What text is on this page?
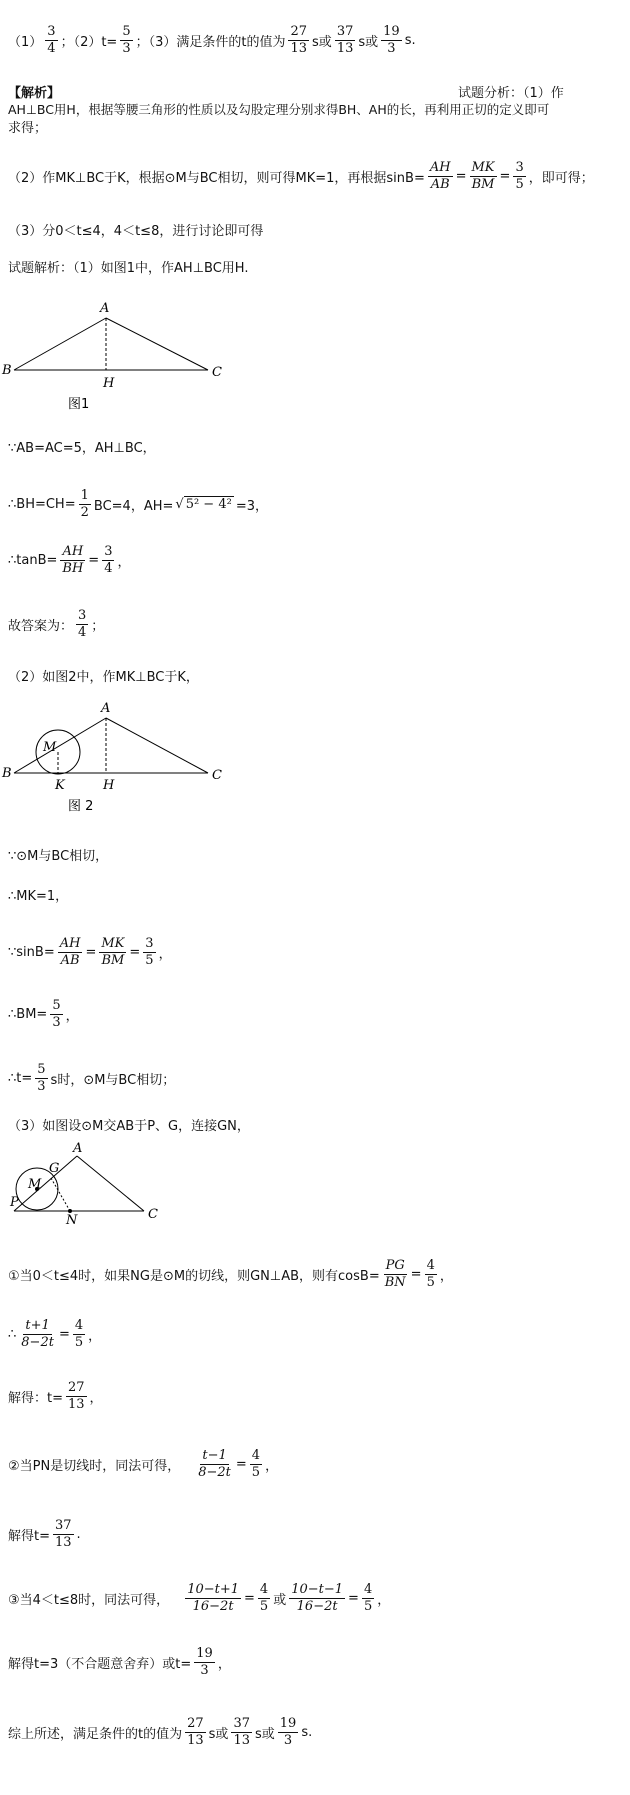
$(1) \frac{3}{4}$ ；$(2)t= \frac{5}{3}$ ；（3）满足条件的t的值为 $\frac{27}{13}$ s或 $\frac{37}{13}$ s或 $\frac{19}{3} s$.
【解析】	试题分析：（1）作
AH⊥BC用H，根据等腰三角形的性质以及勾股定理分别求得BH、AH的长，再利用正切的定义即可
求得；
（2）作MK⊥BC于K，根据⊙M与BC相切，则可得MK=1，再根据$\sin B= \frac{AH}{AB} = \frac{MK}{BM} = \frac{3}{5}$ ，即可得；
（3）分0＜t≤4，4＜t≤8，进行讨论即可得
试题解析：（1）如图1中，作AH⊥BC用H.
A
B	C
H
图1
∵AB=AC=5，AH⊥BC，
∴BH=CH= $\frac{1}{2} BC=4$，AH= √ 5² − 4² =3，
∴tanB= $\frac{AH}{BH} = \frac{3}{4}$ ，
故答案为： $\frac{3}{4}$ ；
（2）如图2中，作MK⊥BC于K，
A
B	C
H
K
M
图 2
∵⊙M与BC相切，
∴MK=1，
∵sinB= $\frac{AH}{AB} = \frac{MK}{BM} = \frac{3}{5}$ ，
∴BM= $\frac{5}{3}$ ，
∴t= $\frac{5}{3}$ s时，⊙M与BC相切；
（3）如图设⊙M交AB于P、G，连接GN，
A
C
G
M
P
N
①当0＜t≤4时，如果NG是⊙M的切线，则GN⊥AB，则有$\cos B= \frac{PG}{BN} = \frac{4}{5}$ ，
∴ $\frac{t+1}{8-2t} = \frac{4}{5}$ ，
解得：$t= \frac{27}{13}$ ，
②当PN是切线时，同法可得， $\frac{t-1}{8-2t} = \frac{4}{5}$ ，
解得$t= \frac{37}{13}$ .
③当4＜t≤8时，同法可得， $\frac{10-t+1}{16-2t} = \frac{4}{5}$ 或 $\frac{10-t-1}{16-2t} = \frac{4}{5}$ ，
解得t=3（不合题意舍弃）或$t= \frac{19}{3}$ ，
综上所述，满足条件的t的值为 $\frac{27}{13}$ s或 $\frac{37}{13}$ s或 $\frac{19}{3} s$.
